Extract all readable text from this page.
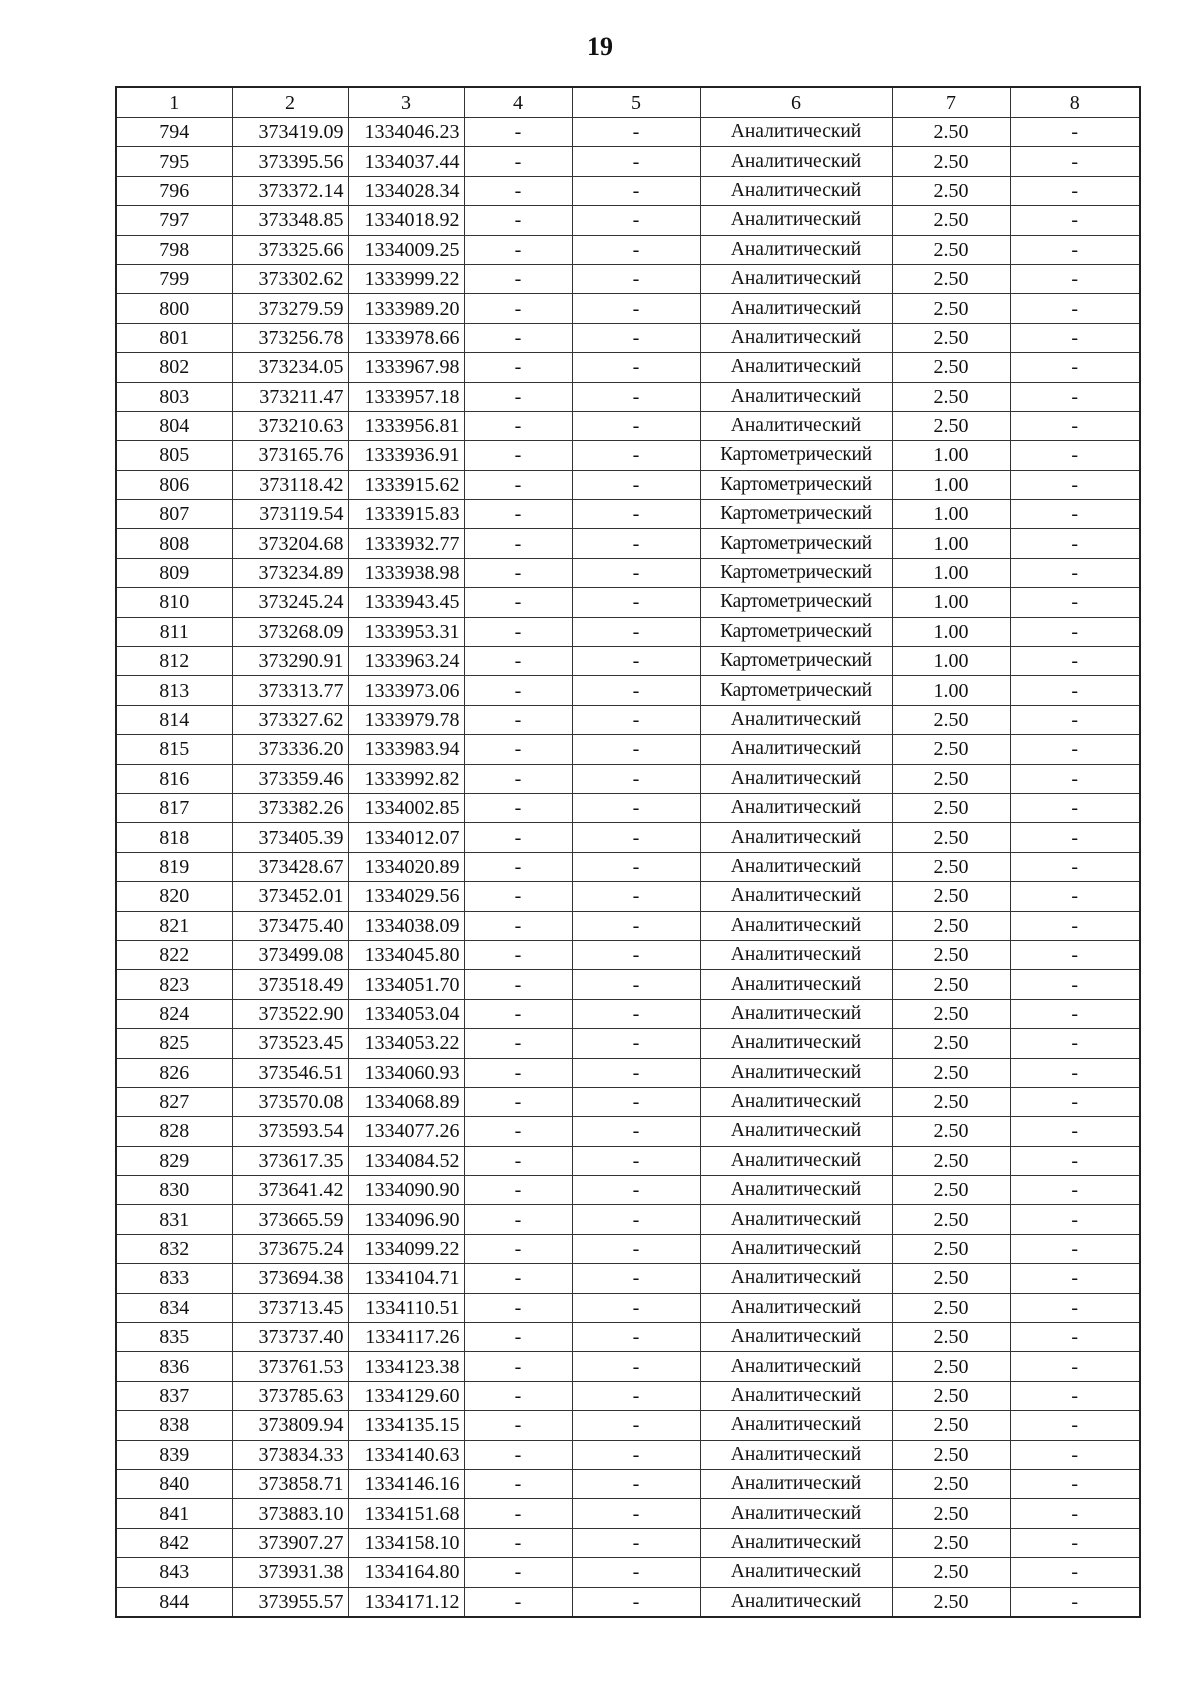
19
1	2	3	4	5	6	7	8
794	373419.09	1334046.23	-	-	Аналитический	2.50	-
795	373395.56	1334037.44	-	-	Аналитический	2.50	-
796	373372.14	1334028.34	-	-	Аналитический	2.50	-
797	373348.85	1334018.92	-	-	Аналитический	2.50	-
798	373325.66	1334009.25	-	-	Аналитический	2.50	-
799	373302.62	1333999.22	-	-	Аналитический	2.50	-
800	373279.59	1333989.20	-	-	Аналитический	2.50	-
801	373256.78	1333978.66	-	-	Аналитический	2.50	-
802	373234.05	1333967.98	-	-	Аналитический	2.50	-
803	373211.47	1333957.18	-	-	Аналитический	2.50	-
804	373210.63	1333956.81	-	-	Аналитический	2.50	-
805	373165.76	1333936.91	-	-	Картометрический	1.00	-
806	373118.42	1333915.62	-	-	Картометрический	1.00	-
807	373119.54	1333915.83	-	-	Картометрический	1.00	-
808	373204.68	1333932.77	-	-	Картометрический	1.00	-
809	373234.89	1333938.98	-	-	Картометрический	1.00	-
810	373245.24	1333943.45	-	-	Картометрический	1.00	-
811	373268.09	1333953.31	-	-	Картометрический	1.00	-
812	373290.91	1333963.24	-	-	Картометрический	1.00	-
813	373313.77	1333973.06	-	-	Картометрический	1.00	-
814	373327.62	1333979.78	-	-	Аналитический	2.50	-
815	373336.20	1333983.94	-	-	Аналитический	2.50	-
816	373359.46	1333992.82	-	-	Аналитический	2.50	-
817	373382.26	1334002.85	-	-	Аналитический	2.50	-
818	373405.39	1334012.07	-	-	Аналитический	2.50	-
819	373428.67	1334020.89	-	-	Аналитический	2.50	-
820	373452.01	1334029.56	-	-	Аналитический	2.50	-
821	373475.40	1334038.09	-	-	Аналитический	2.50	-
822	373499.08	1334045.80	-	-	Аналитический	2.50	-
823	373518.49	1334051.70	-	-	Аналитический	2.50	-
824	373522.90	1334053.04	-	-	Аналитический	2.50	-
825	373523.45	1334053.22	-	-	Аналитический	2.50	-
826	373546.51	1334060.93	-	-	Аналитический	2.50	-
827	373570.08	1334068.89	-	-	Аналитический	2.50	-
828	373593.54	1334077.26	-	-	Аналитический	2.50	-
829	373617.35	1334084.52	-	-	Аналитический	2.50	-
830	373641.42	1334090.90	-	-	Аналитический	2.50	-
831	373665.59	1334096.90	-	-	Аналитический	2.50	-
832	373675.24	1334099.22	-	-	Аналитический	2.50	-
833	373694.38	1334104.71	-	-	Аналитический	2.50	-
834	373713.45	1334110.51	-	-	Аналитический	2.50	-
835	373737.40	1334117.26	-	-	Аналитический	2.50	-
836	373761.53	1334123.38	-	-	Аналитический	2.50	-
837	373785.63	1334129.60	-	-	Аналитический	2.50	-
838	373809.94	1334135.15	-	-	Аналитический	2.50	-
839	373834.33	1334140.63	-	-	Аналитический	2.50	-
840	373858.71	1334146.16	-	-	Аналитический	2.50	-
841	373883.10	1334151.68	-	-	Аналитический	2.50	-
842	373907.27	1334158.10	-	-	Аналитический	2.50	-
843	373931.38	1334164.80	-	-	Аналитический	2.50	-
844	373955.57	1334171.12	-	-	Аналитический	2.50	-
